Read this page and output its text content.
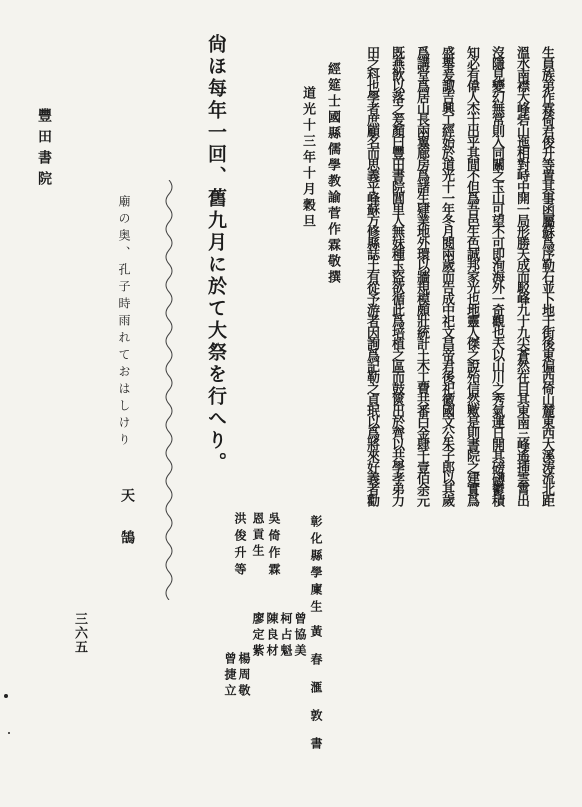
豐田書院
三六五
廟の奥、孔子時雨れておはしけり
天 鵠
尙ほ每年一回、舊九月に於て大祭を行へり。
恩貢生
吳倚作霖
洪俊升等
柯占魁 曾協美
陳良材
廖定紫
楊周敬
曾捷立
彰化縣學廩生
黃春滙敦書
道光十三年十月穀旦 經筵士國縣儒學教諭菅作霖敬撰	生員族弟作霖倚君俊升等置其事函屬蘇爲序勒石並卜地于街後東偏西倚山麓東西大溪涛流北距
溫水南襟大峰砦山迤相對峙中開一局形勝天成而駁峰九十九尖蒼然在目其東南三峰遙揷雲霄出
沒隱見變幻無常則入同關之玉山可望不可即洵海外一奇觀也夫以山川之秀氣運日開其磅礴鬱積
知必有偉人杰士出乎其間不但爲吾邑生色誠邦家光也地靈人傑之說殆信然歟是則書院之建實爲
盛舉爰諏吉興工經始於道光十一年冬月閱兩歲而告成中祀文昌帝君後祀徽國文公朱子郎以其歲
爲講堂爲居山長兩翼廊房爲諸生肄業地外環以牆規模頗壯統計土木工費共番白金肆千壹佰余元
既燕飲以落之爰顏曰豐田書院閭里人無妹種玉盜欲循此爲培植之區而鼓篋出於齊以共學孝弟力
田之科也學者庶顧名而思義乎峰蘇方修縣誌土有從予游者因詢爲記勒之貞珉以爲將來好義者勸
